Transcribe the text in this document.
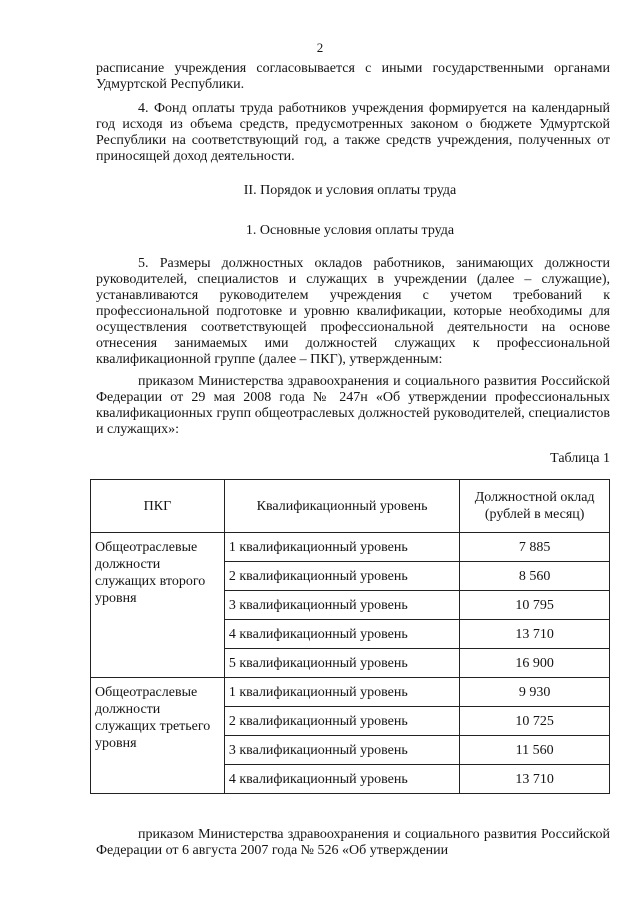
2

расписание учреждения согласовывается с иными государственными органами Удмуртской Республики.

4. Фонд оплаты труда работников учреждения формируется на календарный год исходя из объема средств, предусмотренных законом о бюджете Удмуртской Республики на соответствующий год, а также средств учреждения, полученных от приносящей доход деятельности.

II. Порядок и условия оплаты труда
1. Основные условия оплаты труда

5. Размеры должностных окладов работников, занимающих должности руководителей, специалистов и служащих в учреждении (далее – служащие), устанавливаются руководителем учреждения с учетом требований к профессиональной подготовке и уровню квалификации, которые необходимы для осуществления соответствующей профессиональной деятельности на основе отнесения занимаемых ими должностей служащих к профессиональной квалификационной группе (далее – ПКГ), утвержденным:

приказом Министерства здравоохранения и социального развития Российской Федерации от 29 мая 2008 года № 247н «Об утверждении профессиональных квалификационных групп общеотраслевых должностей руководителей, специалистов и служащих»:

Таблица 1
ПКГ	Квалификационный уровень	Должностной оклад (рублей в месяц)
Общеотраслевые должности служащих второго уровня	1 квалификационный уровень	7 885
	2 квалификационный уровень	8 560
	3 квалификационный уровень	10 795
	4 квалификационный уровень	13 710
	5 квалификационный уровень	16 900
Общеотраслевые должности служащих третьего уровня	1 квалификационный уровень	9 930
	2 квалификационный уровень	10 725
	3 квалификационный уровень	11 560
	4 квалификационный уровень	13 710

приказом Министерства здравоохранения и социального развития Российской Федерации от 6 августа 2007 года № 526 «Об утверждении
